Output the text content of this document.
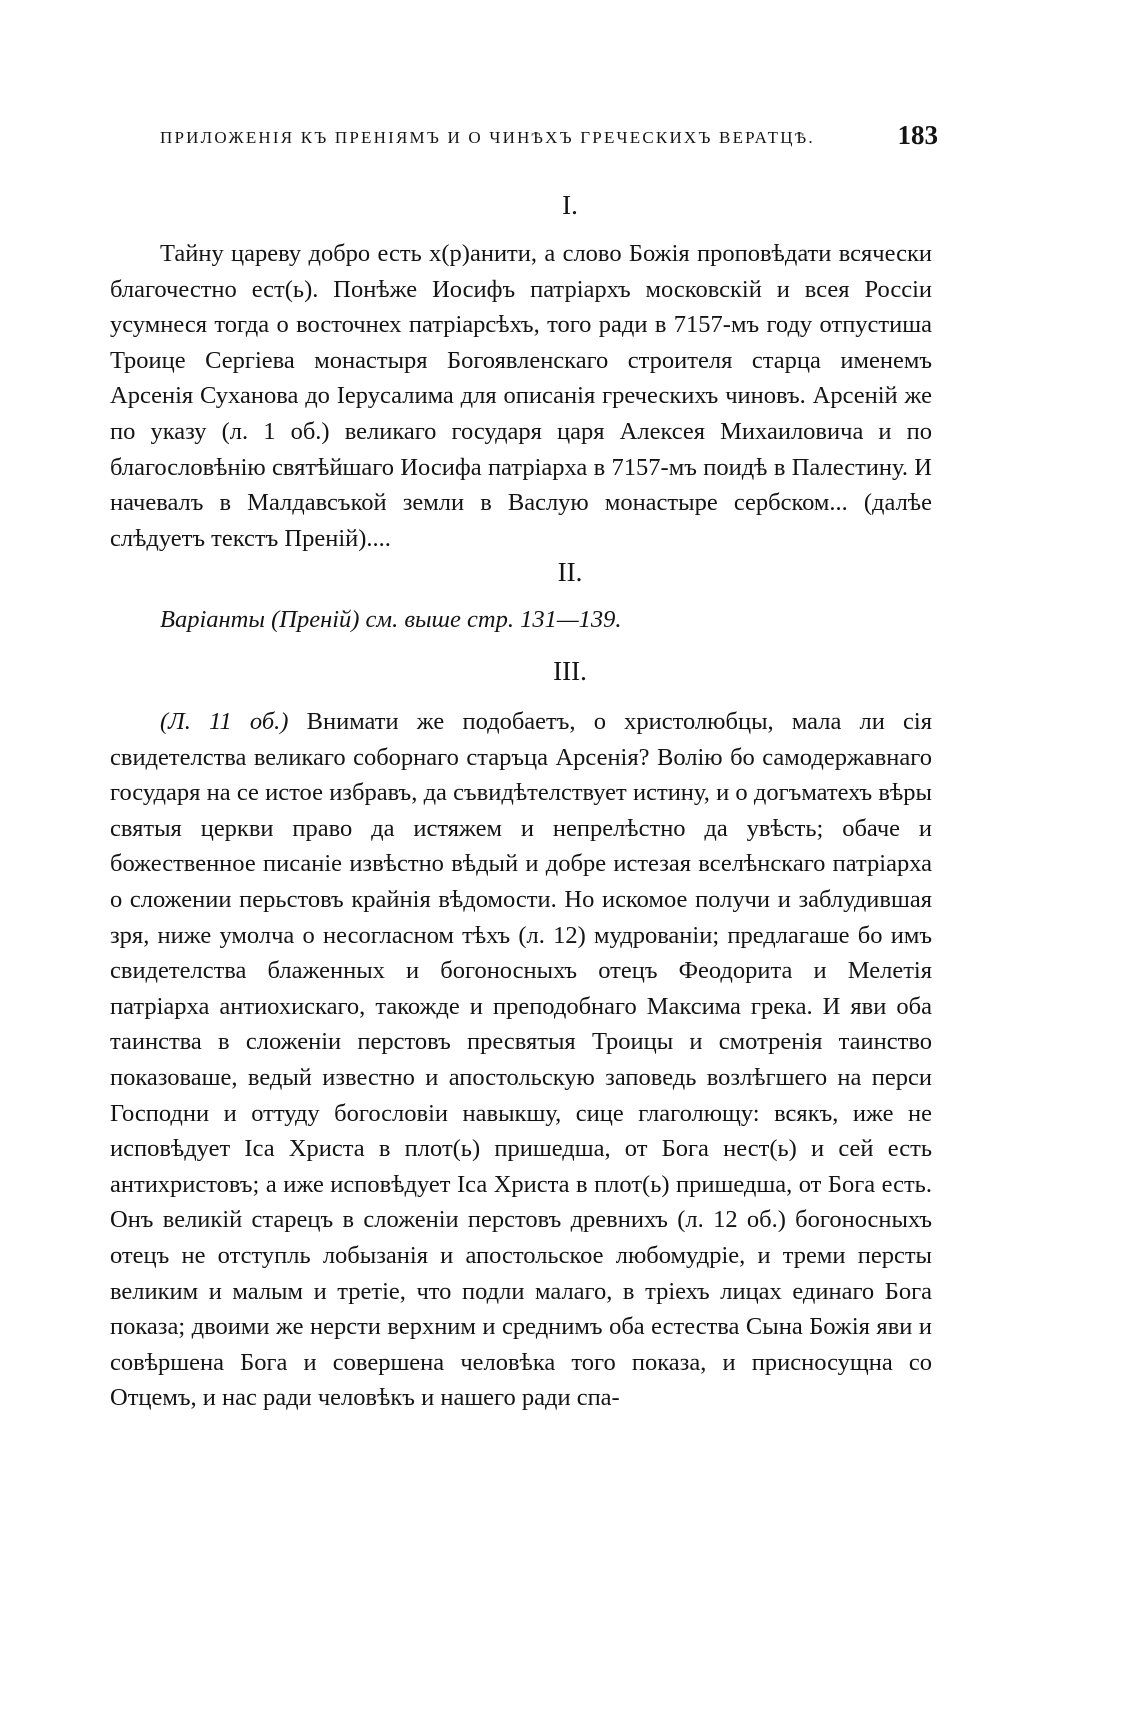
ПРИЛОЖЕНІЯ КЪ ПРЕНІЯМЪ И О ЧИНѢХЪ ГРЕЧЕСКИХЪ ВЕРАТЦѢ.	183
I.

Тайну цареву добро есть х(р)анити, а слово Божія проповѣдати всячески благочестно ест(ь). Понѣже Иосифъ патріархъ московскій и всея Россіи усумнеся тогда о восточнех патріарсѣхъ, того ради в 7157-мъ году отпустиша Троице Сергіева монастыря Богоявленскаго строителя старца именемъ Арсенія Суханова до Іерусалима для описанія греческихъ чиновъ. Арсеній же по указу (л. 1 об.) великаго государя царя Алексея Михаиловича и по благословѣнію святѣйшаго Иосифа патріарха в 7157-мъ поидѣ в Палестину. И начевалъ в Малдавсъкой земли в Васлую монастыре сербском... (далѣе слѣдуетъ текстъ Преній)....

II.

Варіанты (Преній) см. выше стр. 131—139.

III.

(Л. 11 об.) Внимати же подобаетъ, о христолюбцы, мала ли сія свидетелства великаго соборнаго старъца Арсенія? Волію бо самодержавнаго государя на се истое избравъ, да съвидѣтелствует истину, и о догъматехъ вѣры святыя церкви право да истяжем и непрелѣстно да увѣсть; обаче и божественное писаніе извѣстно вѣдый и добре истезая вселѣнскаго патріарха о сложении перьстовъ крайнія вѣдомости. Но искомое получи и заблудившая зря, ниже умолча о несогласном тѣхъ (л. 12) мудрованіи; предлагаше бо имъ свидетелства блаженных и богоносныхъ отецъ Феодорита и Мелетія патріарха антиохискаго, такожде и преподобнаго Максима грека. И яви оба таинства в сложеніи перстовъ пресвятыя Троицы и смотренія таинство показоваше, ведый известно и апостольскую заповедь возлѣгшего на перси Господни и оттуду богословіи навыкшу, сице глаголющу: всякъ, иже не исповѣдует Іса Христа в плот(ь) пришедша, от Бога нест(ь) и сей есть антихристовъ; а иже исповѣдует Іса Христа в плот(ь) пришедша, от Бога есть. Онъ великій старецъ в сложеніи перстовъ древнихъ (л. 12 об.) богоносныхъ отецъ не отступль лобызанія и апостольское любомудріе, и треми персты великим и малым и третіе, что подли малаго, в тріехъ лицах единаго Бога показа; двоими же нерсти верхним и среднимъ оба естества Сына Божія яви и совѣршена Бога и совершена человѣка того показа, и присносущна со Отцемъ, и нас ради человѣкъ и нашего ради спа-
